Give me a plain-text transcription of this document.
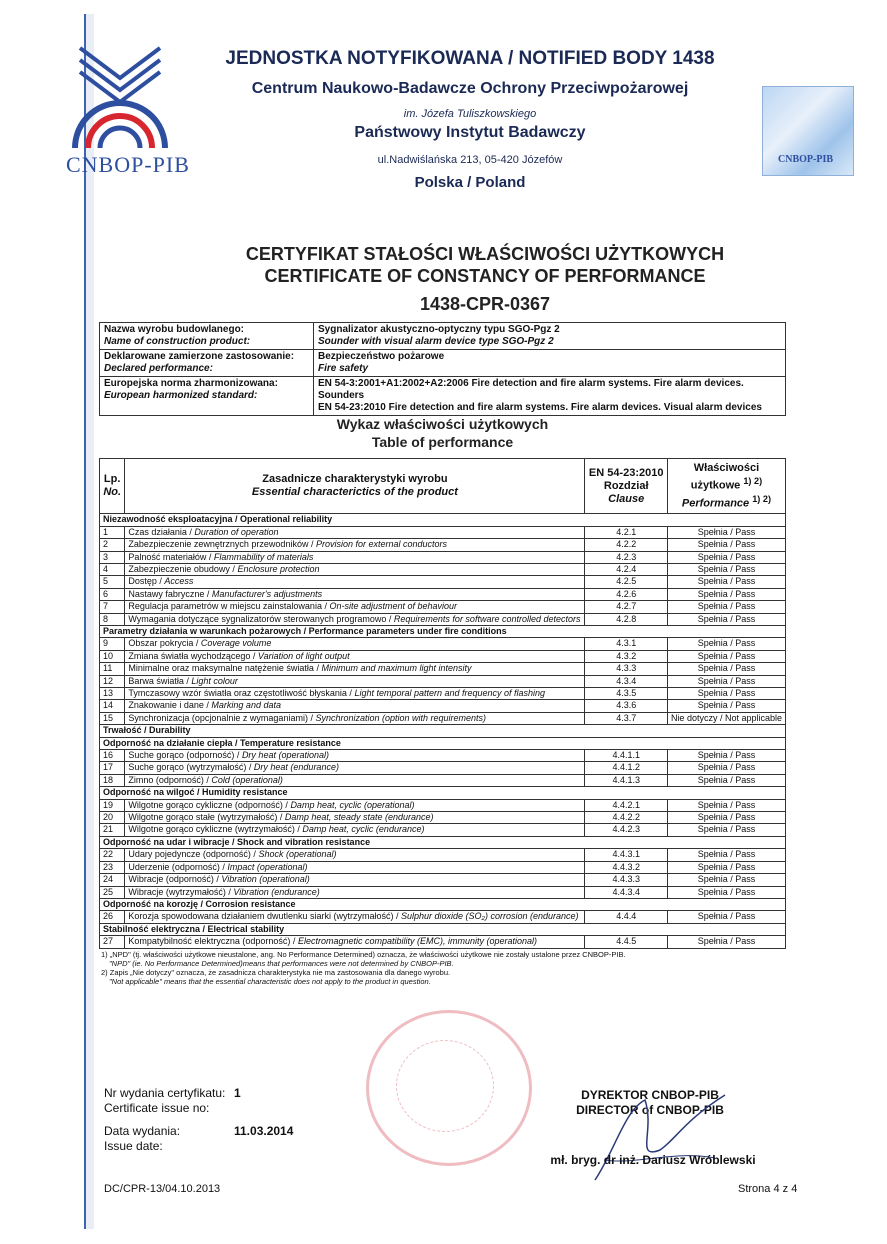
CNBOP-PIB	CNBOP-PIB
JEDNOSTKA NOTYFIKOWANA / NOTIFIED BODY 1438
Centrum Naukowo-Badawcze Ochrony Przeciwpożarowej
im. Józefa Tuliszkowskiego
Państwowy Instytut Badawczy
ul.Nadwiślańska 213, 05-420 Józefów
Polska / Poland
CERTYFIKAT STAŁOŚCI WŁAŚCIWOŚCI UŻYTKOWYCH
CERTIFICATE OF CONSTANCY OF PERFORMANCE
1438-CPR-0367
Nazwa wyrobu budowlanego:
Name of construction product:	Sygnalizator akustyczno-optyczny typu SGO-Pgz 2
Sounder with visual alarm device type SGO-Pgz 2
Deklarowane zamierzone zastosowanie:
Declared performance:	Bezpieczeństwo pożarowe
Fire safety
Europejska norma zharmonizowana:
European harmonized standard:	EN 54-3:2001+A1:2002+A2:2006 Fire detection and fire alarm systems. Fire alarm devices. Sounders
EN 54-23:2010 Fire detection and fire alarm systems. Fire alarm devices. Visual alarm devices
Wykaz właściwości użytkowych
Table of performance
Lp.
No.	Zasadnicze charakterystyki wyrobu
Essential characterictics of the product	EN 54-23:2010
Rozdział
Clause	Właściwości
użytkowe $^{1) 2)}$
Performance $^{1) 2)}$
Niezawodność eksploatacyjna / Operational reliability			
1	Czas działania / Duration of operation	4.2.1	Spełnia / Pass
2	Zabezpieczenie zewnętrznych przewodników / Provision for external conductors	4.2.2	Spełnia / Pass
3	Palność materiałów / Flammability of materials	4.2.3	Spełnia / Pass
4	Zabezpieczenie obudowy / Enclosure protection	4.2.4	Spełnia / Pass
5	Dostęp / Access	4.2.5	Spełnia / Pass
6	Nastawy fabryczne / Manufacturer's adjustments	4.2.6	Spełnia / Pass
7	Regulacja parametrów w miejscu zainstalowania / On-site adjustment of behaviour	4.2.7	Spełnia / Pass
8	Wymagania dotyczące sygnalizatorów sterowanych programowo / Requirements for software controlled detectors	4.2.8	Spełnia / Pass
Parametry działania w warunkach pożarowych / Performance parameters under fire conditions			
9	Obszar pokrycia / Coverage volume	4.3.1	Spełnia / Pass
10	Zmiana światła wychodzącego / Variation of light output	4.3.2	Spełnia / Pass
11	Minimalne oraz maksymalne natężenie światła / Minimum and maximum light intensity	4.3.3	Spełnia / Pass
12	Barwa światła / Light colour	4.3.4	Spełnia / Pass
13	Tymczasowy wzór światła oraz częstotliwość błyskania / Light temporal pattern and frequency of flashing	4.3.5	Spełnia / Pass
14	Znakowanie i dane / Marking and data	4.3.6	Spełnia / Pass
15	Synchronizacja (opcjonalnie z wymaganiami) / Synchronization (option with requirements)	4.3.7	Nie dotyczy / Not applicable
Trwałość / Durability			
Odporność na działanie ciepła / Temperature resistance			
16	Suche gorąco (odporność) / Dry heat (operational)	4.4.1.1	Spełnia / Pass
17	Suche gorąco (wytrzymałość) / Dry heat (endurance)	4.4.1.2	Spełnia / Pass
18	Zimno (odporność) / Cold (operational)	4.4.1.3	Spełnia / Pass
Odporność na wilgoć / Humidity resistance			
19	Wilgotne gorąco cykliczne (odporność) / Damp heat, cyclic (operational)	4.4.2.1	Spełnia / Pass
20	Wilgotne gorąco stałe (wytrzymałość) / Damp heat, steady state (endurance)	4.4.2.2	Spełnia / Pass
21	Wilgotne gorąco cykliczne (wytrzymałość) / Damp heat, cyclic (endurance)	4.4.2.3	Spełnia / Pass
Odporność na udar i wibracje / Shock and vibration resistance			
22	Udary pojedyncze (odporność) / Shock (operational)	4.4.3.1	Spełnia / Pass
23	Uderzenie (odporność) / Impact (operational)	4.4.3.2	Spełnia / Pass
24	Wibracje (odporność) / Vibration (operational)	4.4.3.3	Spełnia / Pass
25	Wibracje (wytrzymałość) / Vibration (endurance)	4.4.3.4	Spełnia / Pass
Odporność na korozję / Corrosion resistance			
26	Korozja spowodowana działaniem dwutlenku siarki (wytrzymałość) / Sulphur dioxide (SO₂) corrosion (endurance)	4.4.4	Spełnia / Pass
Stabilność elektryczna / Electrical stability			
27	Kompatybilność elektryczna (odporność) / Electromagnetic compatibility (EMC), immunity (operational)	4.4.5	Spełnia / Pass
1) „NPD" (tj. właściwości użytkowe nieustalone, ang. No Performance Determined) oznacza, że właściwości użytkowe nie zostały ustalone przez CNBOP-PIB.
"NPD" (ie. No Performance Determined)means that performances were not determined by CNBOP-PIB.
2) Zapis „Nie dotyczy" oznacza, że zasadnicza charakterystyka nie ma zastosowania dla danego wyrobu.
"Not applicable" means that the essential characteristic does not apply to the product in question.
Nr wydania certyfikatu:
Certificate issue no:
1
Data wydania:
Issue date:
11.03.2014
DYREKTOR CNBOP-PIB
DIRECTOR of CNBOP-PIB
mł. bryg. dr inż. Dariusz Wróblewski
DC/CPR-13/04.10.2013	Strona 4 z 4
